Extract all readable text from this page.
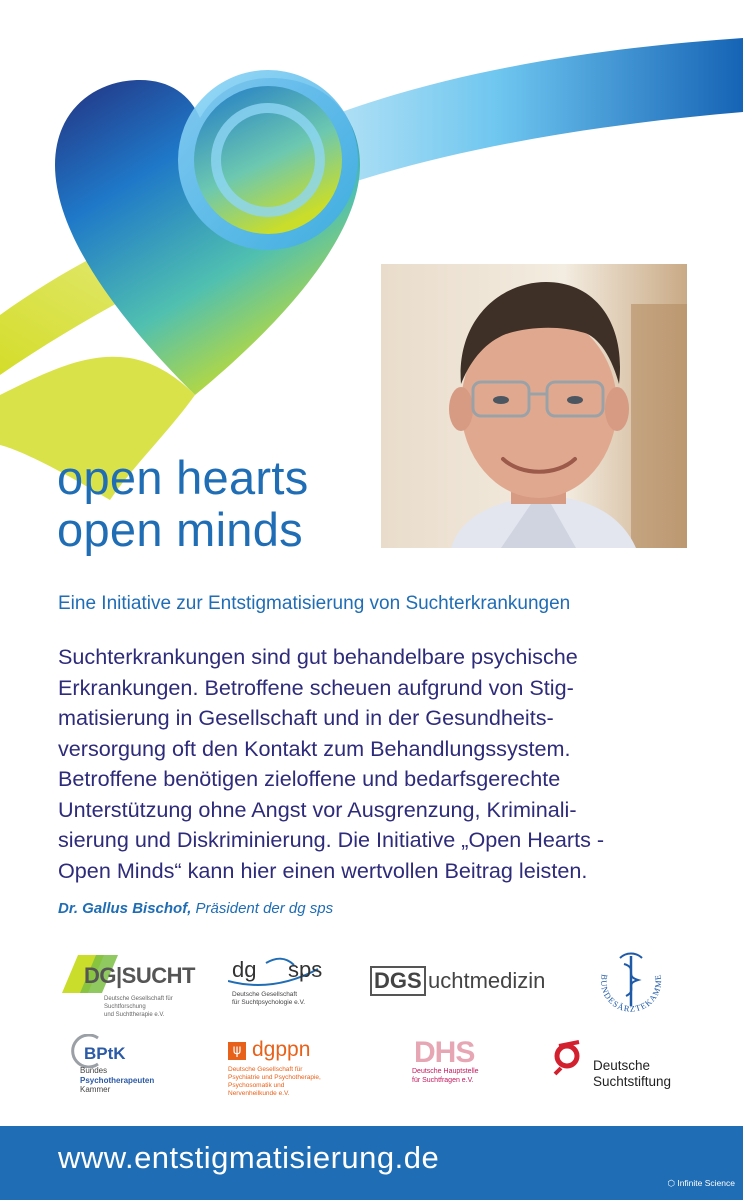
open hearts
open minds

Eine Initiative zur Entstigmatisierung von Suchterkrankungen

Suchterkrankungen sind gut behandelbare psychische
Erkrankungen. Betroffene scheuen aufgrund von Stig-
matisierung in Gesellschaft und in der Gesundheits-
versorgung oft den Kontakt zum Behandlungssystem.
Betroffene benötigen zieloffene und bedarfsgerechte
Unterstützung ohne Angst vor Ausgrenzung, Kriminali-
sierung und Diskriminierung. Die Initiative „Open Hearts -
Open Minds“ kann hier einen wertvollen Beitrag leisten.

Dr. Gallus Bischof, Präsident der dg sps

DG|SUCHT
Deutsche Gesellschaft für Suchtforschung
und Suchttherapie e.V.
dg sps
Deutsche Gesellschaft
für Suchtpsychologie e.V.
DGS uchtmedizin	BUNDESÄRZTEKAMME
BPtK
Bundes
Psychotherapeuten
Kammer
ψ dgppn
Deutsche Gesellschaft für
Psychiatrie und Psychotherapie,
Psychosomatik und
Nervenheilkunde e.V.
DHS
Deutsche Hauptstelle
für Suchtfragen e.V.
Deutsche
Suchtstiftung

www.entstigmatisierung.de

⬡ Infinite Science
